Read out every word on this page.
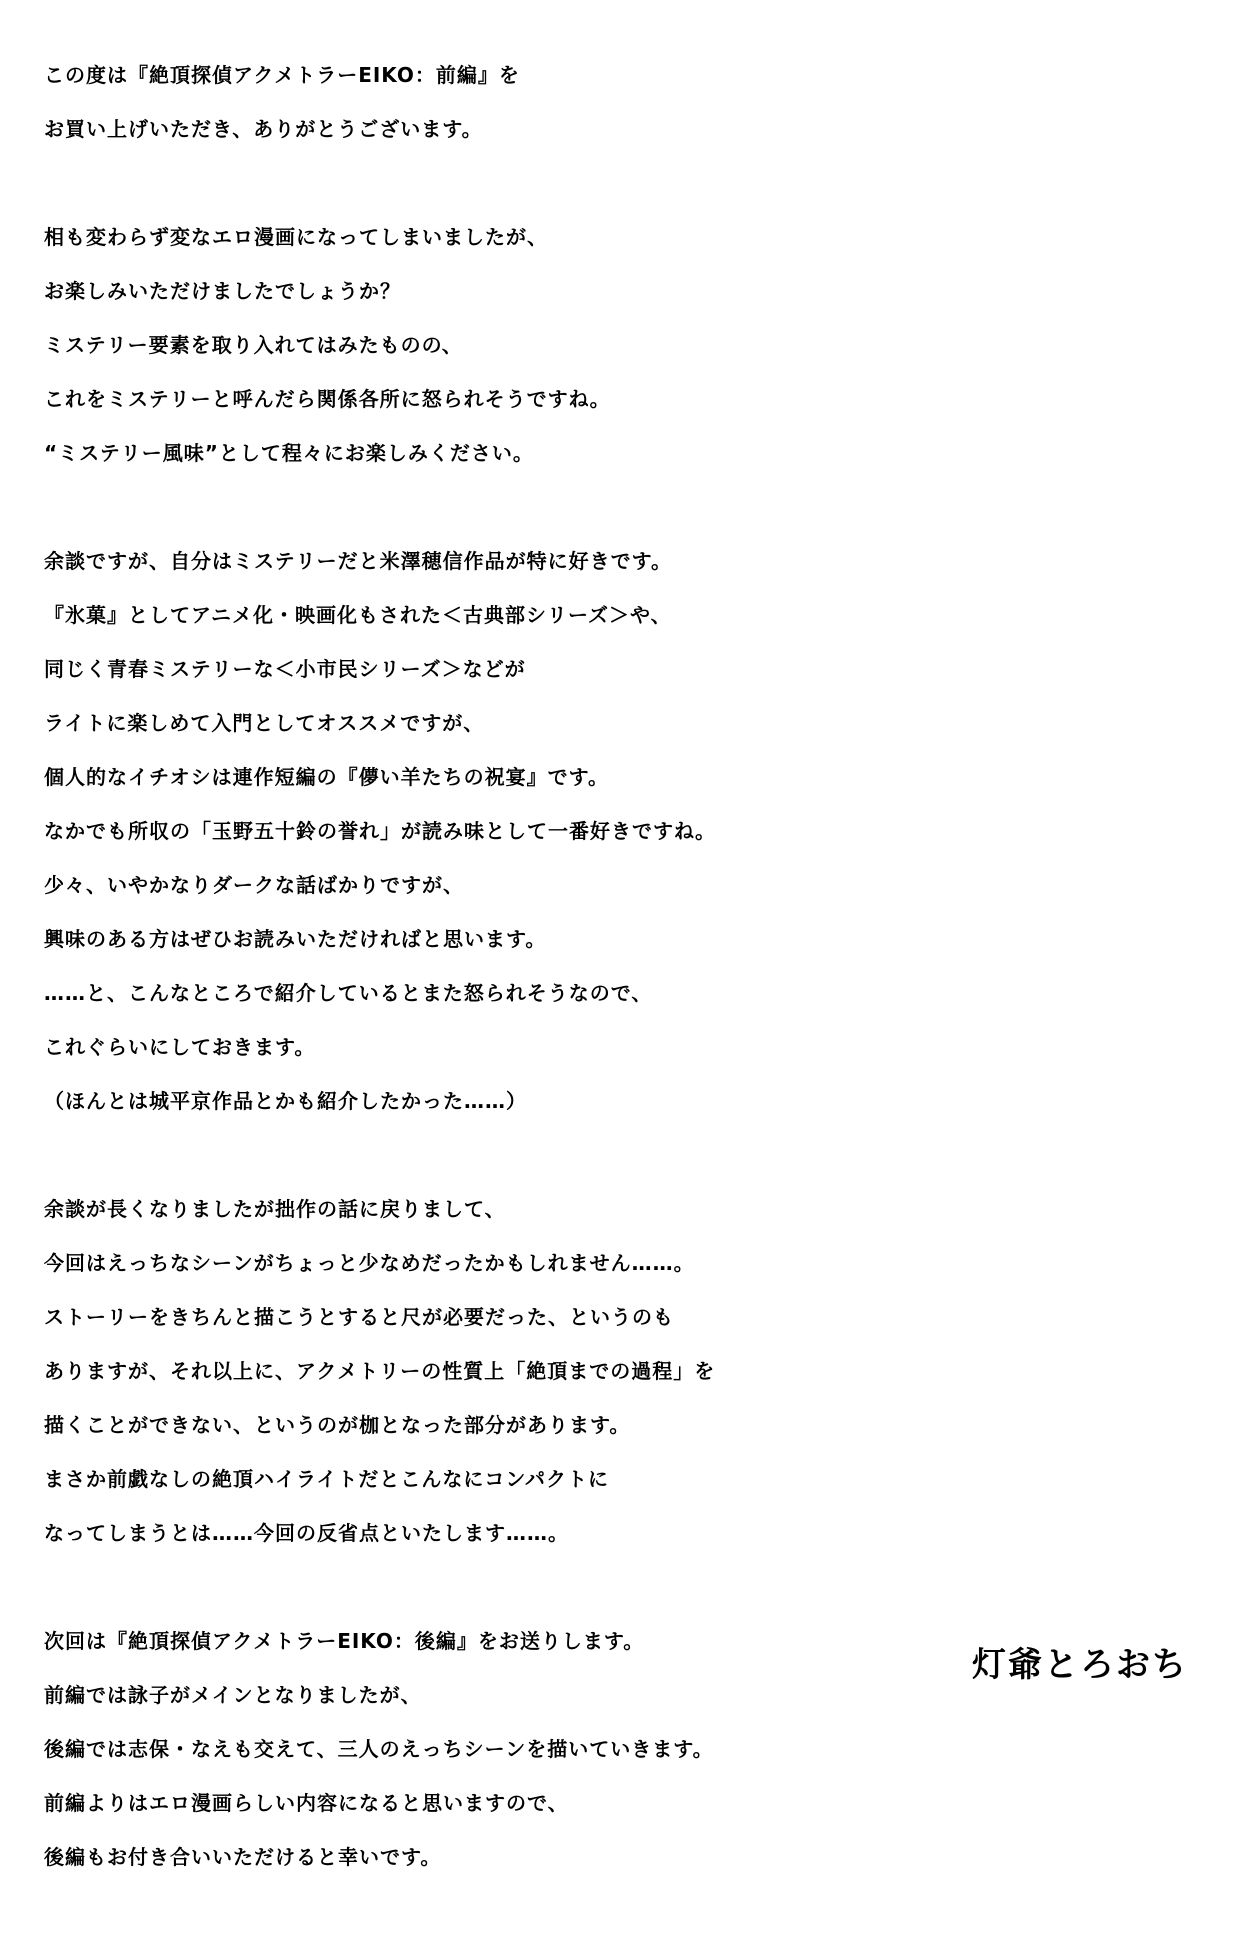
この度は『絶頂探偵アクメトラーEIKO：前編』を
お買い上げいただき、ありがとうございます。
相も変わらず変なエロ漫画になってしまいましたが、
お楽しみいただけましたでしょうか？
ミステリー要素を取り入れてはみたものの、
これをミステリーと呼んだら関係各所に怒られそうですね。
“ミステリー風味”として程々にお楽しみください。
余談ですが、自分はミステリーだと米澤穂信作品が特に好きです。
『氷菓』としてアニメ化・映画化もされた＜古典部シリーズ＞や、
同じく青春ミステリーな＜小市民シリーズ＞などが
ライトに楽しめて入門としてオススメですが、
個人的なイチオシは連作短編の『儚い羊たちの祝宴』です。
なかでも所収の「玉野五十鈴の誉れ」が読み味として一番好きですね。
少々、いやかなりダークな話ばかりですが、
興味のある方はぜひお読みいただければと思います。
……と、こんなところで紹介しているとまた怒られそうなので、
これぐらいにしておきます。
（ほんとは城平京作品とかも紹介したかった……）
余談が長くなりましたが拙作の話に戻りまして、
今回はえっちなシーンがちょっと少なめだったかもしれません……。
ストーリーをきちんと描こうとすると尺が必要だった、というのも
ありますが、それ以上に、アクメトリーの性質上「絶頂までの過程」を
描くことができない、というのが枷となった部分があります。
まさか前戯なしの絶頂ハイライトだとこんなにコンパクトに
なってしまうとは……今回の反省点といたします……。
次回は『絶頂探偵アクメトラーEIKO：後編』をお送りします。
前編では詠子がメインとなりましたが、
後編では志保・なえも交えて、三人のえっちシーンを描いていきます。
前編よりはエロ漫画らしい内容になると思いますので、
後編もお付き合いいただけると幸いです。
灯爺とろおち
